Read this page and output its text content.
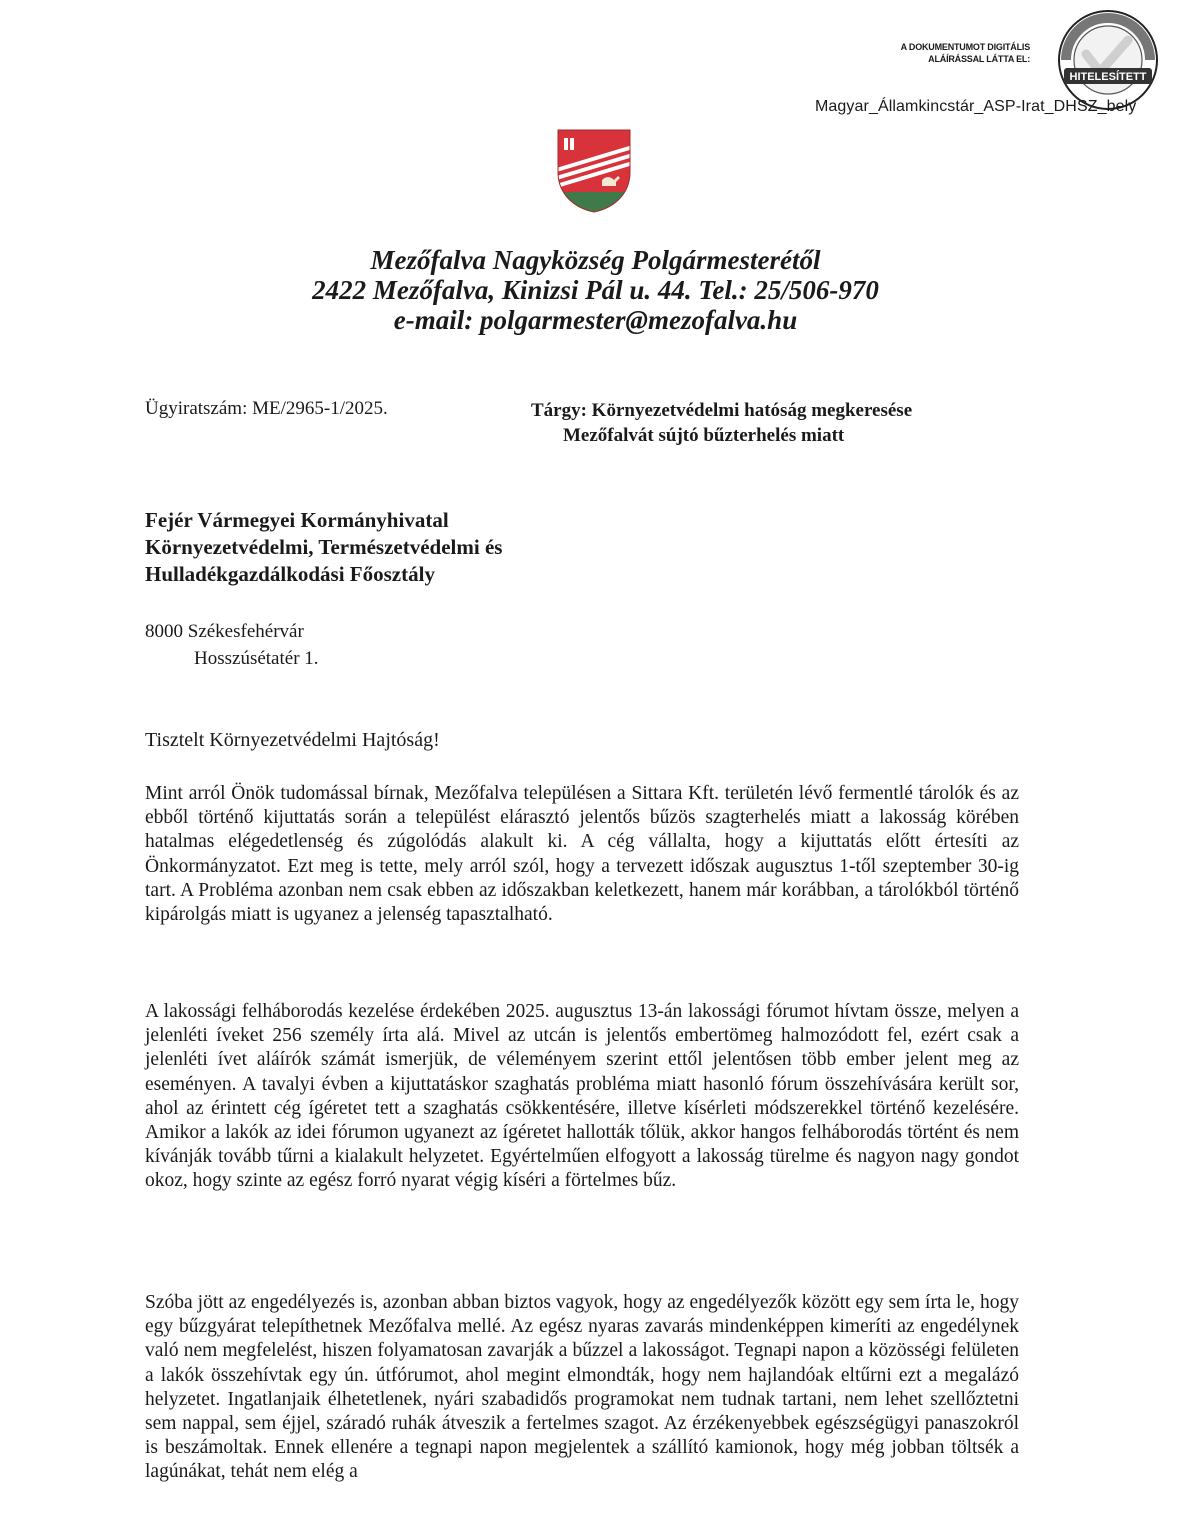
A DOKUMENTUMOT DIGITÁLIS
ALÁÍRÁSSAL LÁTTA EL:
HITELESÍTETT
Magyar_Államkincstár_ASP-Irat_DHSZ_bely
Mezőfalva Nagyközség Polgármesterétől
2422 Mezőfalva, Kinizsi Pál u. 44. Tel.: 25/506-970
e-mail: polgarmester@mezofalva.hu
Ügyiratszám: ME/2965-1/2025.	Tárgy: Környezetvédelmi hatóság megkeresése
Mezőfalvát sújtó bűzterhelés miatt
Fejér Vármegyei Kormányhivatal
Környezetvédelmi, Természetvédelmi és
Hulladékgazdálkodási Főosztály
8000 Székesfehérvár
Hosszúsétatér 1.
Tisztelt Környezetvédelmi Hajtóság!

Mint arról Önök tudomással bírnak, Mezőfalva településen a Sittara Kft. területén lévő fermentlé tárolók és az ebből történő kijuttatás során a települést elárasztó jelentős bűzös szagterhelés miatt a lakosság körében hatalmas elégedetlenség és zúgolódás alakult ki. A cég vállalta, hogy a kijuttatás előtt értesíti az Önkormányzatot. Ezt meg is tette, mely arról szól, hogy a tervezett időszak augusztus 1-től szeptember 30-ig tart. A Probléma azonban nem csak ebben az időszakban keletkezett, hanem már korábban, a tárolókból történő kipárolgás miatt is ugyanez a jelenség tapasztalható.

A lakossági felháborodás kezelése érdekében 2025. augusztus 13-án lakossági fórumot hívtam össze, melyen a jelenléti íveket 256 személy írta alá. Mivel az utcán is jelentős embertömeg halmozódott fel, ezért csak a jelenléti ívet aláírók számát ismerjük, de véleményem szerint ettől jelentősen több ember jelent meg az eseményen. A tavalyi évben a kijuttatáskor szaghatás probléma miatt hasonló fórum összehívására került sor, ahol az érintett cég ígéretet tett a szaghatás csökkentésére, illetve kísérleti módszerekkel történő kezelésére. Amikor a lakók az idei fórumon ugyanezt az ígéretet hallották tőlük, akkor hangos felháborodás történt és nem kívánják tovább tűrni a kialakult helyzetet. Egyértelműen elfogyott a lakosság türelme és nagyon nagy gondot okoz, hogy szinte az egész forró nyarat végig kíséri a förtelmes bűz.

Szóba jött az engedélyezés is, azonban abban biztos vagyok, hogy az engedélyezők között egy sem írta le, hogy egy bűzgyárat telepíthetnek Mezőfalva mellé. Az egész nyaras zavarás mindenképpen kimeríti az engedélynek való nem megfelelést, hiszen folyamatosan zavarják a bűzzel a lakosságot. Tegnapi napon a közösségi felületen a lakók összehívtak egy ún. útfórumot, ahol megint elmondták, hogy nem hajlandóak eltűrni ezt a megalázó helyzetet. Ingatlanjaik élhetetlenek, nyári szabadidős programokat nem tudnak tartani, nem lehet szellőztetni sem nappal, sem éjjel, száradó ruhák átveszik a fertelmes szagot. Az érzékenyebbek egészségügyi panaszokról is beszámoltak. Ennek ellenére a tegnapi napon megjelentek a szállító kamionok, hogy még jobban töltsék a lagúnákat, tehát nem elég a
